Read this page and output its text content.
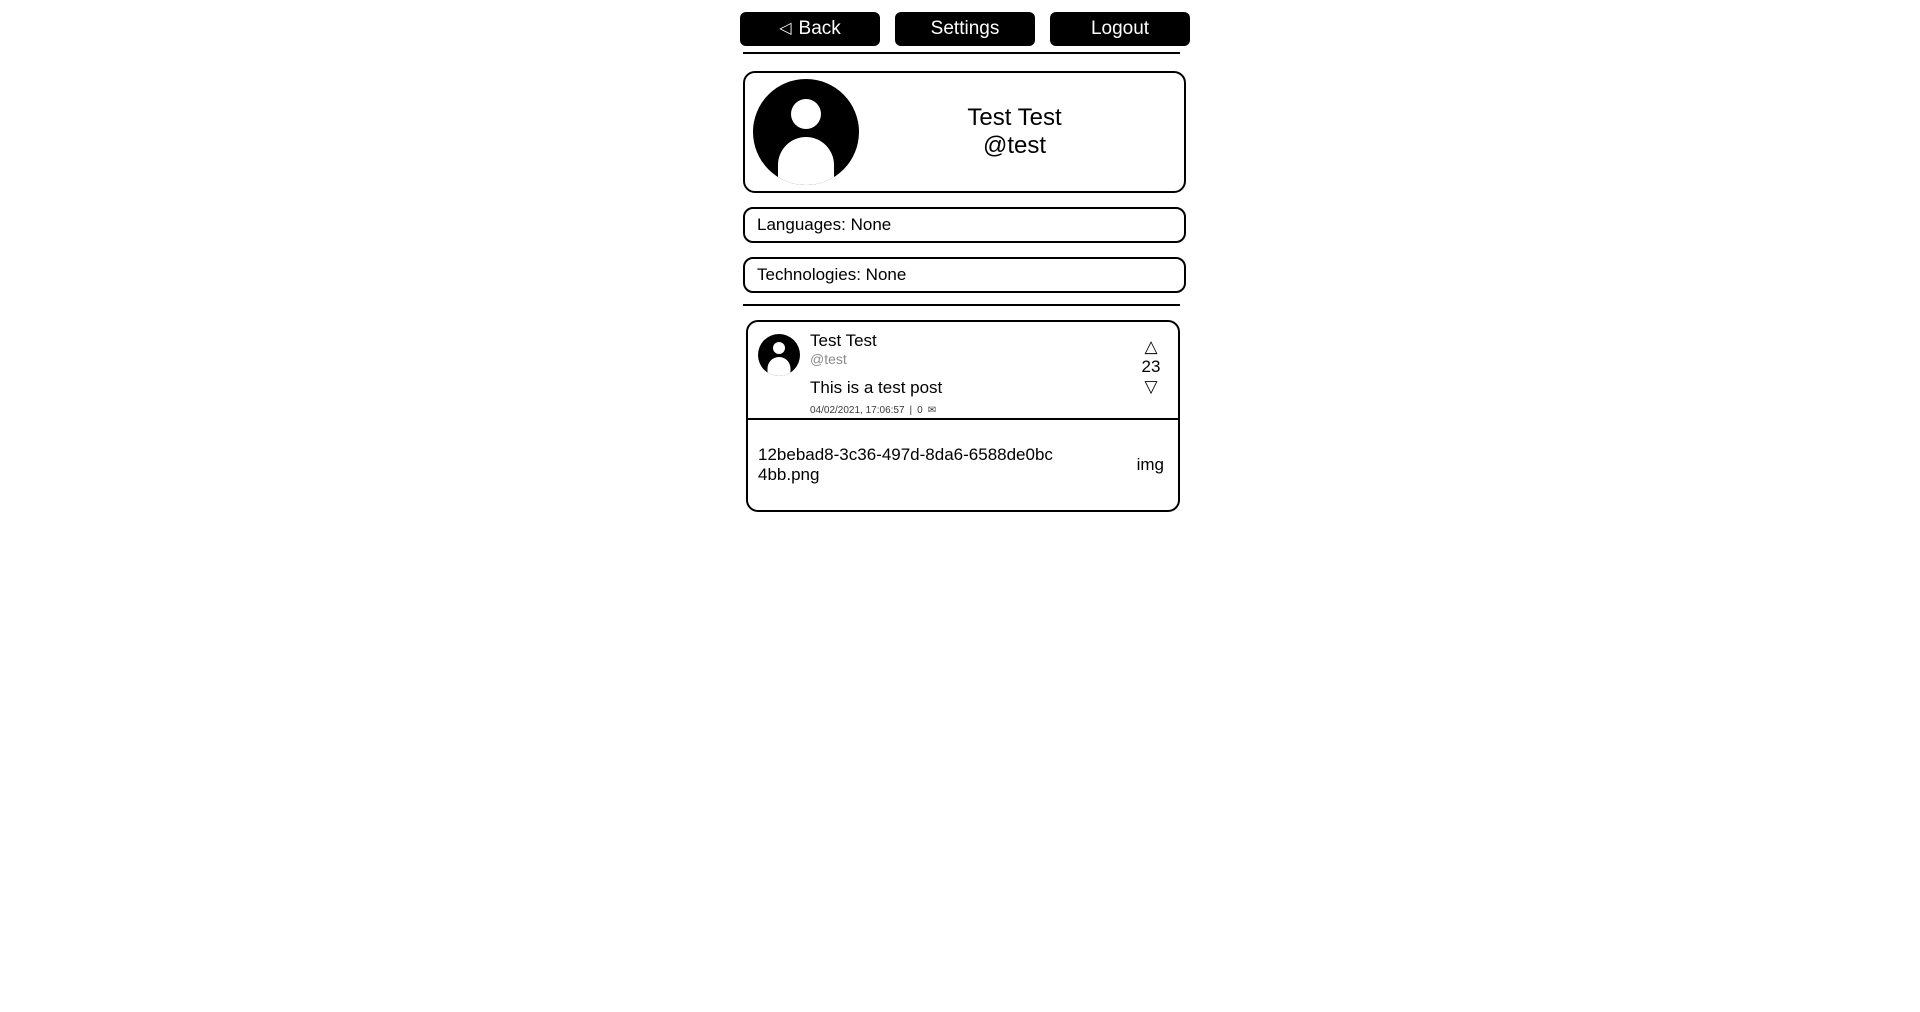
◁ Back	Settings	Logout
Test Test
@test
Languages: None
Technologies: None
Test Test
@test
This is a test post
04/02/2021, 17:06:57 | 0 ✉
△
23
▽
12bebad8-3c36-497d-8da6-6588de0bc4bb.png
img
